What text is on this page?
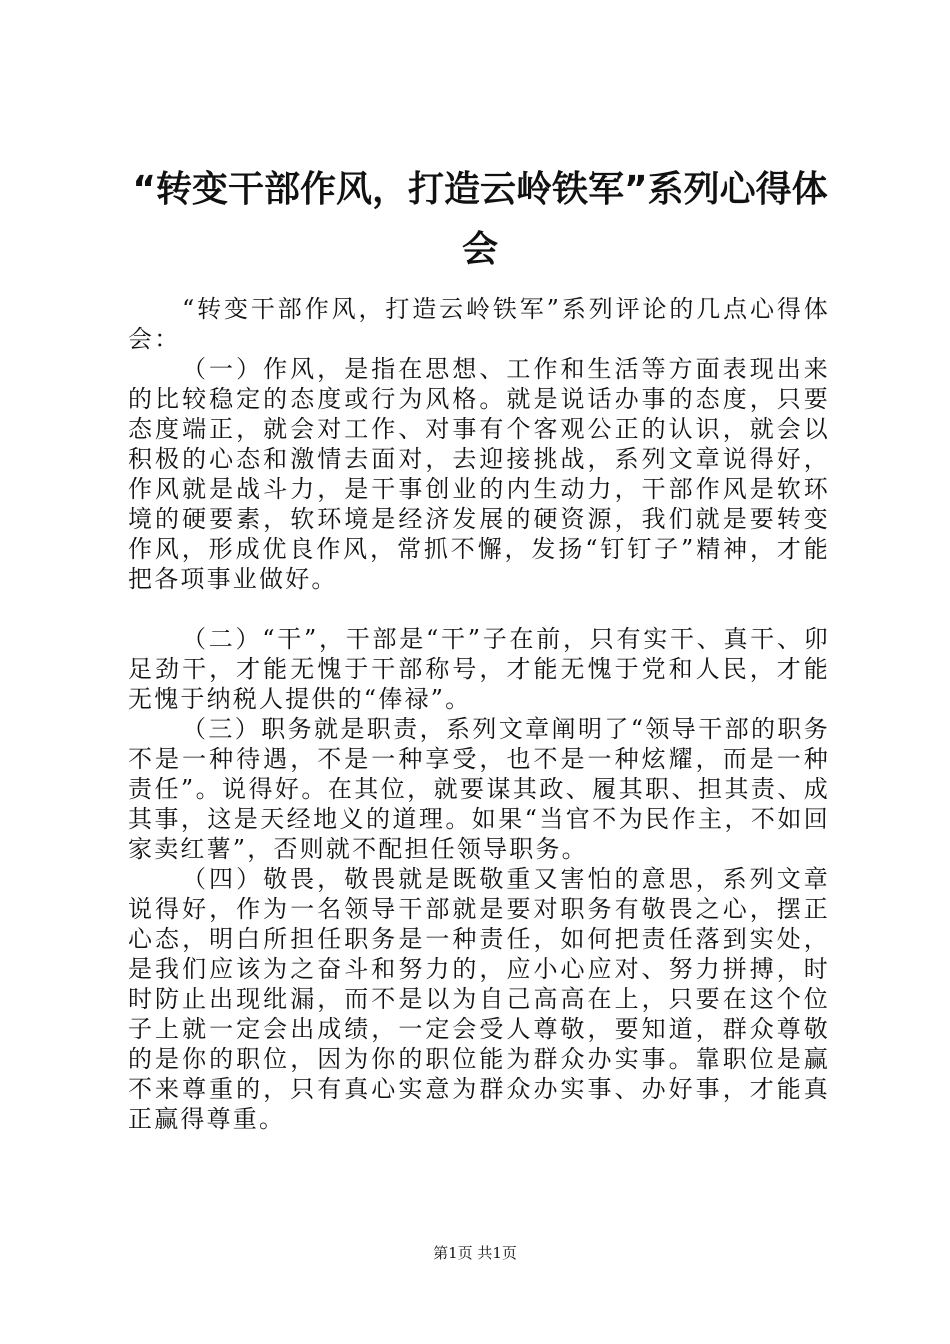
“转变干部作风，打造云岭铁军”系列心得体会

“转变干部作风，打造云岭铁军”系列评论的几点心得体会：

（一）作风，是指在思想、工作和生活等方面表现出来的比较稳定的态度或行为风格。就是说话办事的态度，只要态度端正，就会对工作、对事有个客观公正的认识，就会以积极的心态和激情去面对，去迎接挑战，系列文章说得好，作风就是战斗力，是干事创业的内生动力，干部作风是软环境的硬要素，软环境是经济发展的硬资源，我们就是要转变作风，形成优良作风，常抓不懈，发扬“钉钉子”精神，才能把各项事业做好。

（二）“干”，干部是“干”子在前，只有实干、真干、卯足劲干，才能无愧于干部称号，才能无愧于党和人民，才能无愧于纳税人提供的“俸禄”。

（三）职务就是职责，系列文章阐明了“领导干部的职务不是一种待遇，不是一种享受，也不是一种炫耀，而是一种责任”。说得好。在其位，就要谋其政、履其职、担其责、成其事，这是天经地义的道理。如果“当官不为民作主，不如回家卖红薯”，否则就不配担任领导职务。

（四）敬畏，敬畏就是既敬重又害怕的意思，系列文章说得好，作为一名领导干部就是要对职务有敬畏之心，摆正心态，明白所担任职务是一种责任，如何把责任落到实处，是我们应该为之奋斗和努力的，应小心应对、努力拼搏，时时防止出现纰漏，而不是以为自己高高在上，只要在这个位子上就一定会出成绩，一定会受人尊敬，要知道，群众尊敬的是你的职位，因为你的职位能为群众办实事。靠职位是赢不来尊重的，只有真心实意为群众办实事、办好事，才能真正赢得尊重。

第1页 共1页
